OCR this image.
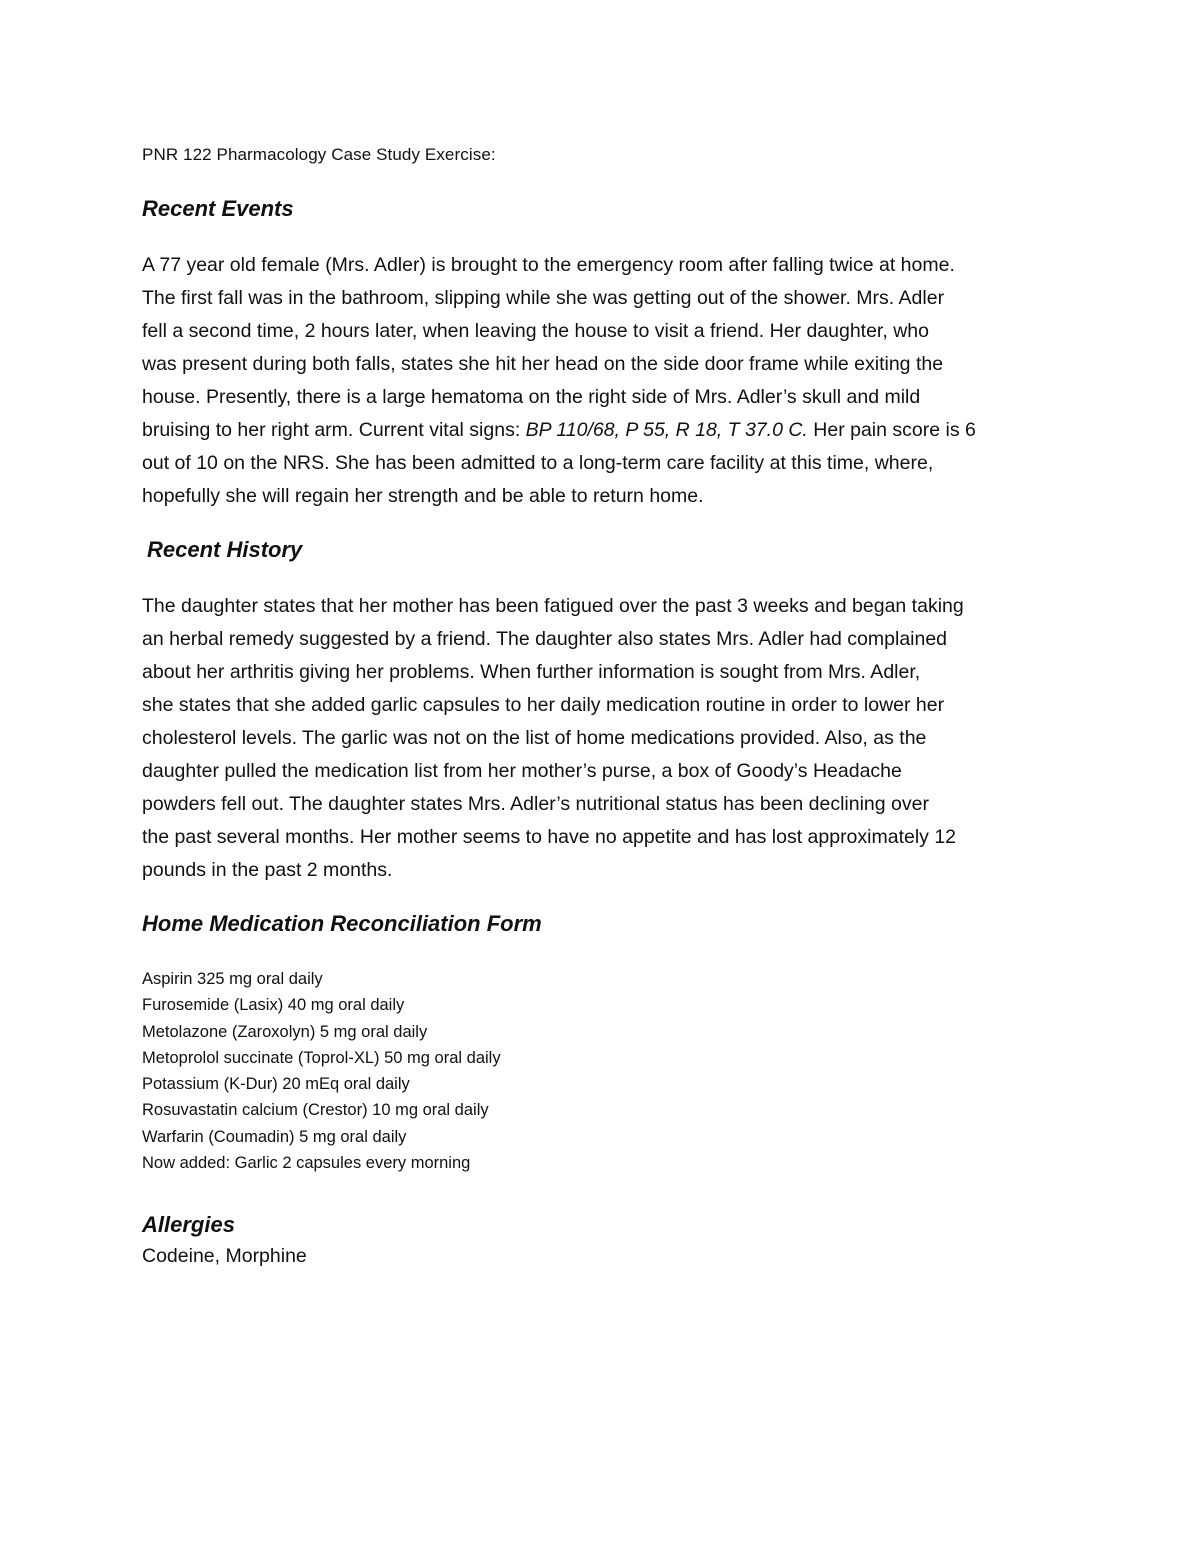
PNR 122 Pharmacology Case Study Exercise:
Recent Events
A 77 year old female (Mrs. Adler) is brought to the emergency room after falling twice at home.
The first fall was in the bathroom, slipping while she was getting out of the shower. Mrs. Adler
fell a second time, 2 hours later, when leaving the house to visit a friend. Her daughter, who
was present during both falls, states she hit her head on the side door frame while exiting the
house. Presently, there is a large hematoma on the right side of Mrs. Adler’s skull and mild
bruising to her right arm. Current vital signs: BP 110/68, P 55, R 18, T 37.0 C. Her pain score is 6
out of 10 on the NRS. She has been admitted to a long-term care facility at this time, where,
hopefully she will regain her strength and be able to return home.
Recent History
The daughter states that her mother has been fatigued over the past 3 weeks and began taking
an herbal remedy suggested by a friend. The daughter also states Mrs. Adler had complained
about her arthritis giving her problems. When further information is sought from Mrs. Adler,
she states that she added garlic capsules to her daily medication routine in order to lower her
cholesterol levels. The garlic was not on the list of home medications provided. Also, as the
daughter pulled the medication list from her mother’s purse, a box of Goody’s Headache
powders fell out. The daughter states Mrs. Adler’s nutritional status has been declining over
the past several months. Her mother seems to have no appetite and has lost approximately 12
pounds in the past 2 months.
Home Medication Reconciliation Form
Aspirin 325 mg oral daily
Furosemide (Lasix) 40 mg oral daily
Metolazone (Zaroxolyn) 5 mg oral daily
Metoprolol succinate (Toprol-XL) 50 mg oral daily
Potassium (K-Dur) 20 mEq oral daily
Rosuvastatin calcium (Crestor) 10 mg oral daily
Warfarin (Coumadin) 5 mg oral daily
Now added: Garlic 2 capsules every morning
Allergies
Codeine, Morphine
